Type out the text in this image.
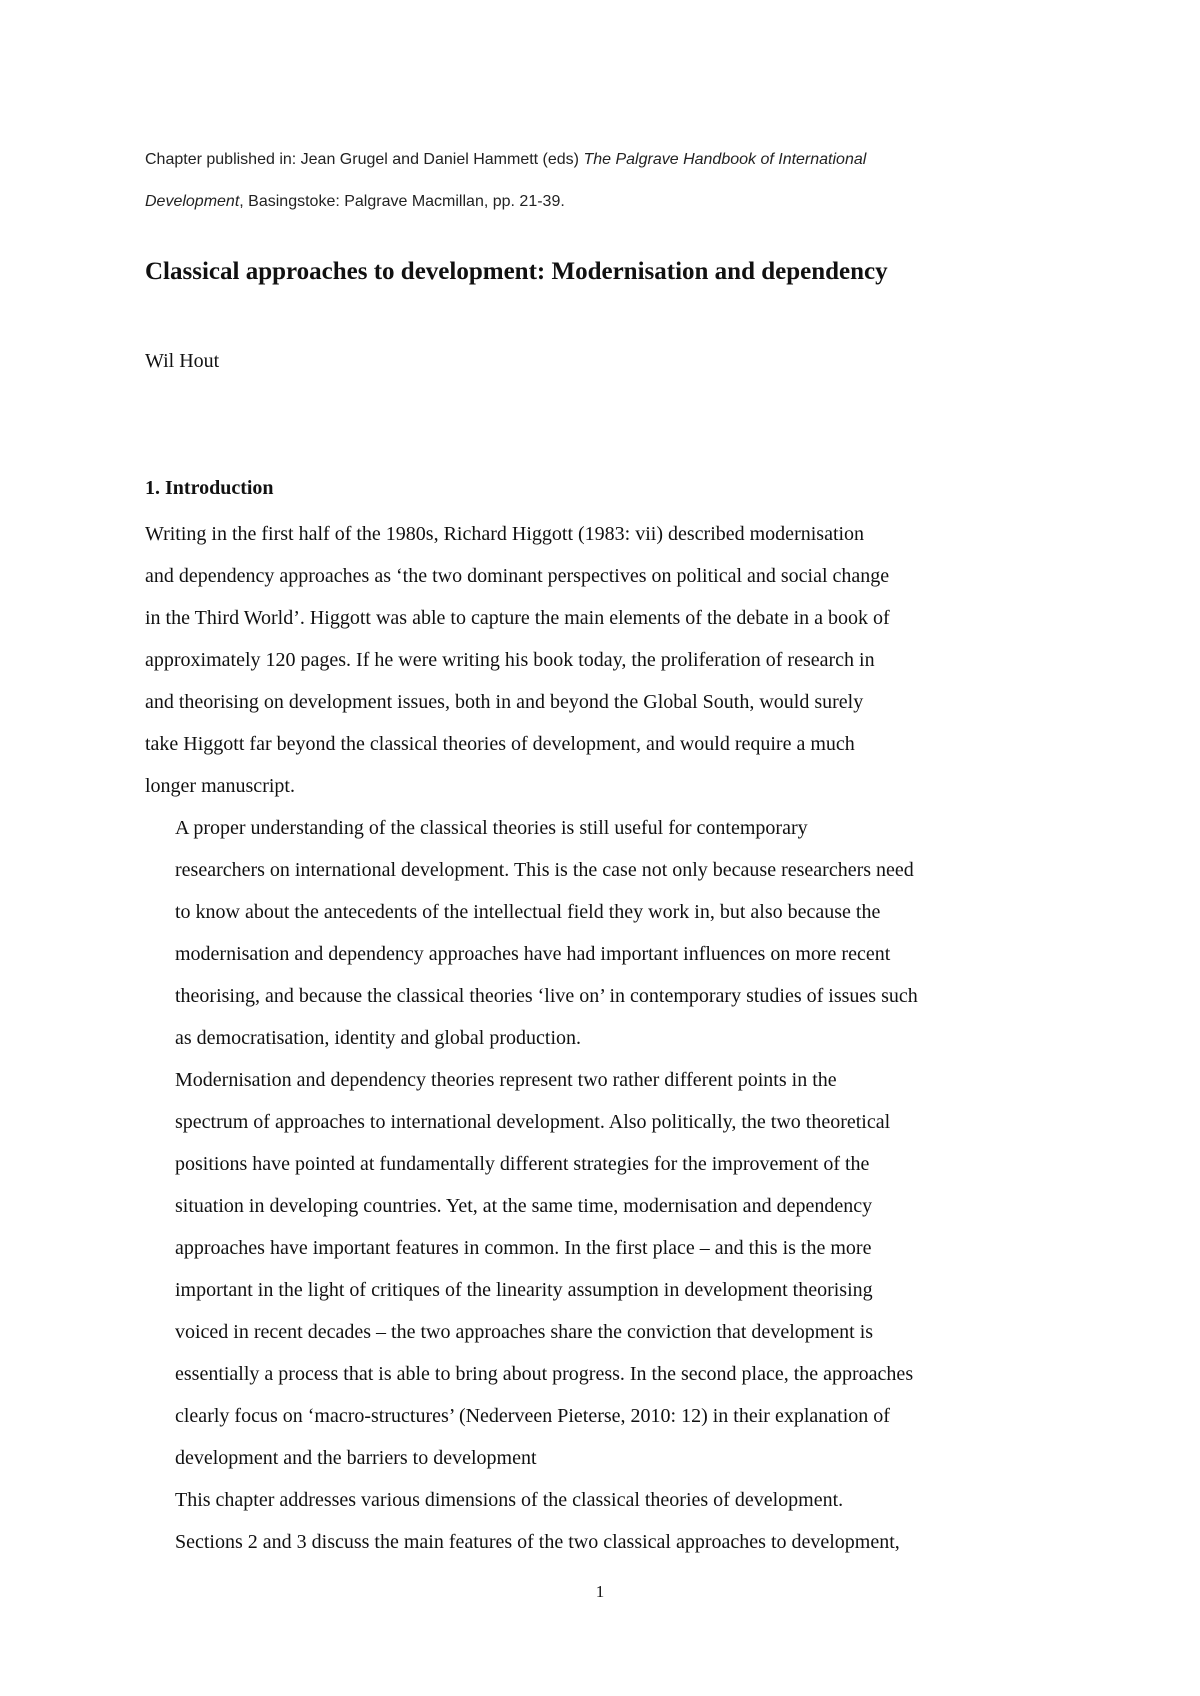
Chapter published in: Jean Grugel and Daniel Hammett (eds) The Palgrave Handbook of International
Development, Basingstoke: Palgrave Macmillan, pp. 21-39.
Classical approaches to development: Modernisation and dependency
Wil Hout
1. Introduction

Writing in the first half of the 1980s, Richard Higgott (1983: vii) described modernisation
and dependency approaches as ‘the two dominant perspectives on political and social change
in the Third World’. Higgott was able to capture the main elements of the debate in a book of
approximately 120 pages. If he were writing his book today, the proliferation of research in
and theorising on development issues, both in and beyond the Global South, would surely
take Higgott far beyond the classical theories of development, and would require a much
longer manuscript.

A proper understanding of the classical theories is still useful for contemporary
researchers on international development. This is the case not only because researchers need
to know about the antecedents of the intellectual field they work in, but also because the
modernisation and dependency approaches have had important influences on more recent
theorising, and because the classical theories ‘live on’ in contemporary studies of issues such
as democratisation, identity and global production.

Modernisation and dependency theories represent two rather different points in the
spectrum of approaches to international development. Also politically, the two theoretical
positions have pointed at fundamentally different strategies for the improvement of the
situation in developing countries. Yet, at the same time, modernisation and dependency
approaches have important features in common. In the first place – and this is the more
important in the light of critiques of the linearity assumption in development theorising
voiced in recent decades – the two approaches share the conviction that development is
essentially a process that is able to bring about progress. In the second place, the approaches
clearly focus on ‘macro-structures’ (Nederveen Pieterse, 2010: 12) in their explanation of
development and the barriers to development

This chapter addresses various dimensions of the classical theories of development.
Sections 2 and 3 discuss the main features of the two classical approaches to development,

1
